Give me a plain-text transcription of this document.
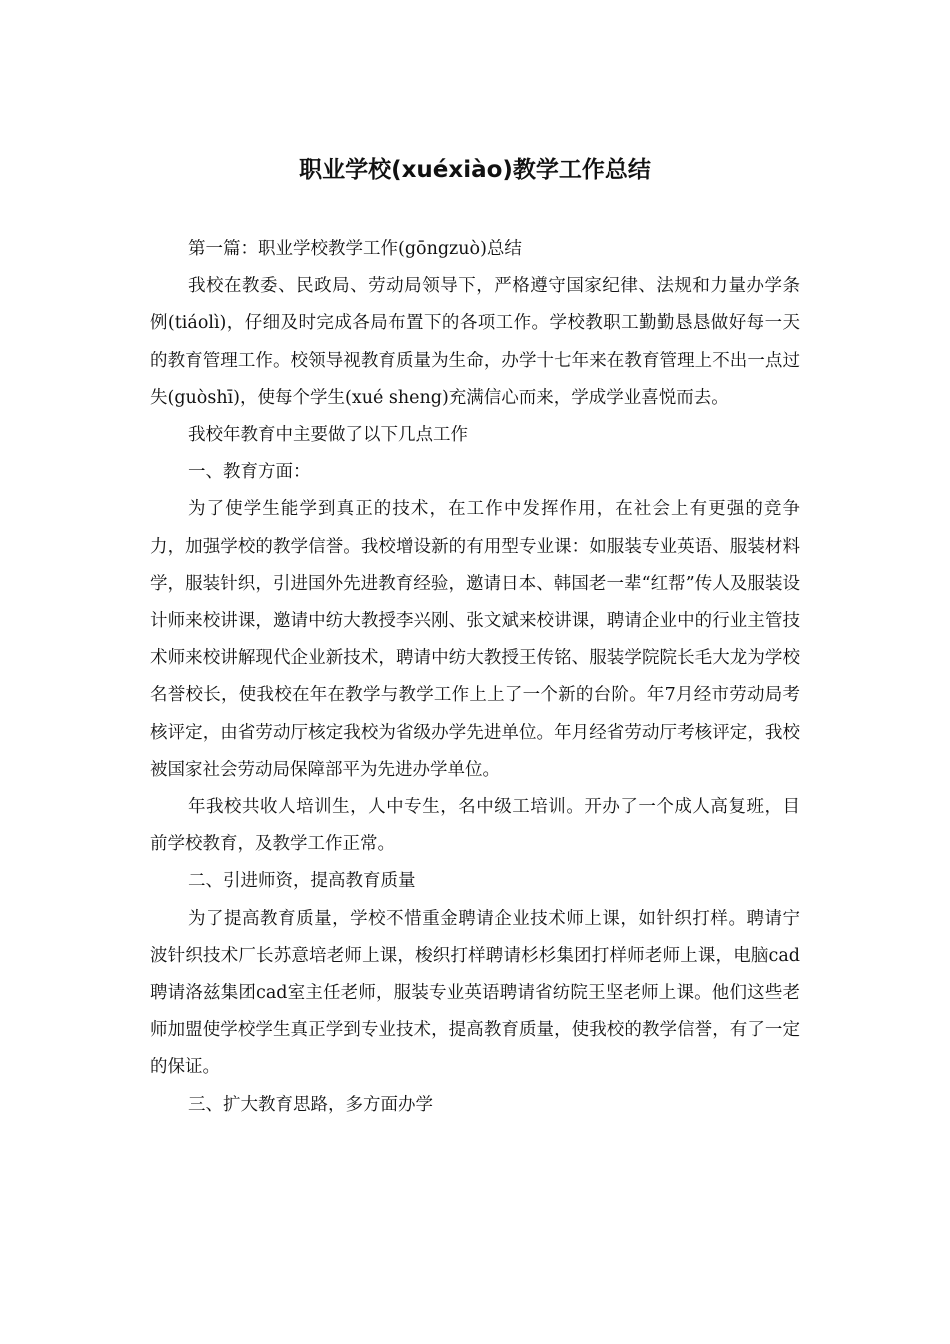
职业学校(xuéxiào)教学工作总结

第一篇：职业学校教学工作(gōngzuò)总结

我校在教委、民政局、劳动局领导下，严格遵守国家纪律、法规和力量办学条例(tiáolì)，仔细及时完成各局布置下的各项工作。学校教职工勤勤恳恳做好每一天的教育管理工作。校领导视教育质量为生命，办学十七年来在教育管理上不出一点过失(guòshī)，使每个学生(xué sheng)充满信心而来，学成学业喜悦而去。

我校年教育中主要做了以下几点工作

一、教育方面：

为了使学生能学到真正的技术，在工作中发挥作用，在社会上有更强的竞争力，加强学校的教学信誉。我校增设新的有用型专业课：如服装专业英语、服装材料学，服装针织，引进国外先进教育经验，邀请日本、韩国老一辈“红帮”传人及服装设计师来校讲课，邀请中纺大教授李兴刚、张文斌来校讲课，聘请企业中的行业主管技术师来校讲解现代企业新技术，聘请中纺大教授王传铭、服装学院院长毛大龙为学校名誉校长，使我校在年在教学与教学工作上上了一个新的台阶。年7月经市劳动局考核评定，由省劳动厅核定我校为省级办学先进单位。年月经省劳动厅考核评定，我校被国家社会劳动局保障部平为先进办学单位。

年我校共收人培训生，人中专生，名中级工培训。开办了一个成人高复班，目前学校教育，及教学工作正常。

二、引进师资，提高教育质量

为了提高教育质量，学校不惜重金聘请企业技术师上课，如针织打样。聘请宁波针织技术厂长苏意培老师上课，梭织打样聘请杉杉集团打样师老师上课，电脑cad聘请洛兹集团cad室主任老师，服装专业英语聘请省纺院王坚老师上课。他们这些老师加盟使学校学生真正学到专业技术，提高教育质量，使我校的教学信誉，有了一定的保证。

三、扩大教育思路，多方面办学
